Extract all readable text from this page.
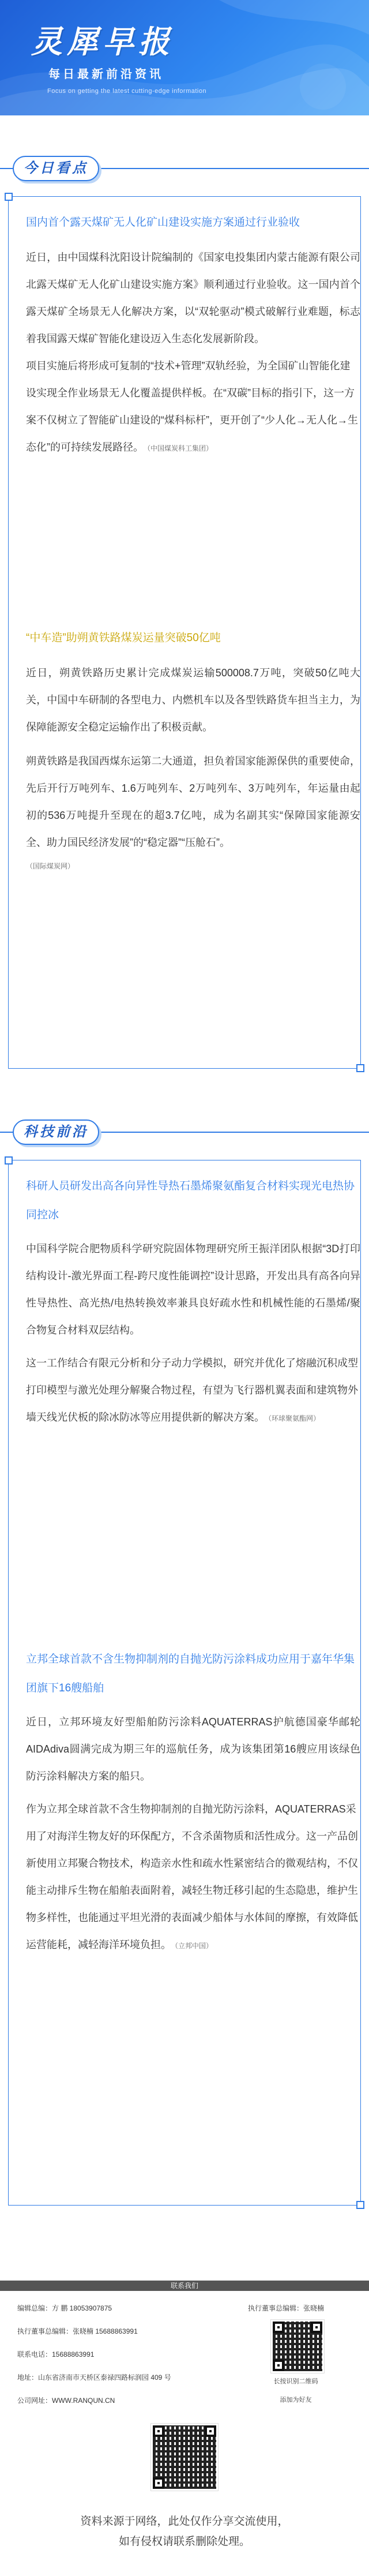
灵犀早报
每日最新前沿资讯
Focus on getting the latest cutting-edge information
今日看点
国内首个露天煤矿无人化矿山建设实施方案通过行业验收
近日，由中国煤科沈阳设计院编制的《国家电投集团内蒙古能源有限公司北露天煤矿无人化矿山建设实施方案》顺利通过行业验收。这一国内首个露天煤矿全场景无人化解决方案，以“双轮驱动”模式破解行业难题，标志着我国露天煤矿智能化建设迈入生态化发展新阶段。
项目实施后将形成可复制的“技术+管理”双轨经验，为全国矿山智能化建设实现全作业场景无人化覆盖提供样板。在“双碳”目标的指引下，这一方案不仅树立了智能矿山建设的“煤科标杆”，更开创了“少人化→无人化→生态化”的可持续发展路径。（中国煤炭科工集团）
“中车造”助朔黄铁路煤炭运量突破50亿吨
近日，朔黄铁路历史累计完成煤炭运输500008.7万吨，突破50亿吨大关，中国中车研制的各型电力、内燃机车以及各型铁路货车担当主力，为保障能源安全稳定运输作出了积极贡献。
朔黄铁路是我国西煤东运第二大通道，担负着国家能源保供的重要使命，先后开行万吨列车、1.6万吨列车、2万吨列车、3万吨列车，年运量由起初的536万吨提升至现在的超3.7亿吨，成为名副其实“保障国家能源安全、助力国民经济发展”的“稳定器”“压舱石”。
（国际煤炭网）
科技前沿
科研人员研发出高各向异性导热石墨烯聚氨酯复合材料实现光电热协同控冰
中国科学院合肥物质科学研究院固体物理研究所王振洋团队根据“3D打印结构设计-激光界面工程-跨尺度性能调控”设计思路，开发出具有高各向异性导热性、高光热/电热转换效率兼具良好疏水性和机械性能的石墨烯/聚合物复合材料双层结构。
这一工作结合有限元分析和分子动力学模拟，研究并优化了熔融沉积成型打印模型与激光处理分解聚合物过程，有望为飞行器机翼表面和建筑物外墙天线光伏板的除冰防冰等应用提供新的解决方案。（环球聚氨酯网）
立邦全球首款不含生物抑制剂的自抛光防污涂料成功应用于嘉年华集团旗下16艘船舶
近日，立邦环境友好型船舶防污涂料AQUATERRAS护航德国豪华邮轮AIDAdiva圆满完成为期三年的巡航任务，成为该集团第16艘应用该绿色防污涂料解决方案的船只。
作为立邦全球首款不含生物抑制剂的自抛光防污涂料，AQUATERRAS采用了对海洋生物友好的环保配方，不含杀菌物质和活性成分。这一产品创新使用立邦聚合物技术，构造亲水性和疏水性紧密结合的微观结构，不仅能主动排斥生物在船舶表面附着，减轻生物迁移引起的生态隐患，维护生物多样性，也能通过平坦光滑的表面减少船体与水体间的摩擦，有效降低运营能耗，减轻海洋环境负担。（立邦中国）
联系我们
编辑总编：方 鹏 18053907875
执行董事总编辑：张晓楠 15688863991
联系电话：15688863991
地址：山东省济南市天桥区泰禄四路标润园 409 号
公司网址：WWW.RANQUN.CN
执行董事总编辑：张晓楠
长按识别二维码
添加为好友
资料来源于网络，此处仅作分享交流使用，
如有侵权请联系删除处理。
